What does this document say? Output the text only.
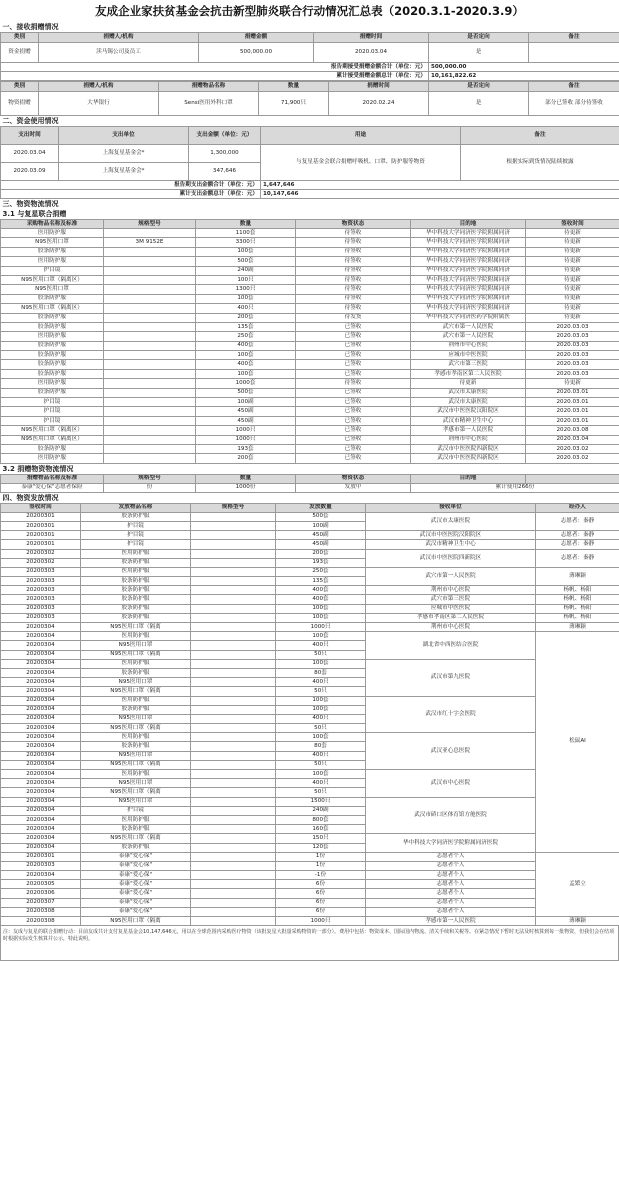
友成企业家扶贫基金会抗击新型肺炎联合行动情况汇总表（2020.3.1-2020.3.9）
一、接收捐赠情况					
类别	捐赠人/机构	捐赠金额	捐赠时间	是否定向	备注
资金捐赠	渎马锡公司及员工	500,000.00	2020.03.04	是	
报告期接受捐赠金额合计（单位：元）				500,000.00	
累计接受捐赠金额总计（单位：元）				10,161,822.62	
类别	捐赠人/机构	捐赠物品名称	数量	捐赠时间	是否定向	备注
物资捐赠	大华银行	Sensi医用外科口罩	71,900只	2020.02.24	是	部分已签收 部分待签收
二、资金使用情况				
支出时间	支出单位	支出金额（单位：元）	用途	备注
2020.03.04	上海复星基金会*	1,300,000	与复星基金会联合捐赠呼吸机、口罩、防护服等物资	根据实际到货情况陆续披露
2020.03.09	上海复星基金会*	347,646		
报告期支出金额合计（单位：元）			1,647,646	
累计支出金额总计（单位：元）			10,147,646	
三、物资物流情况					
3.1 与复星联合捐赠					
采购物品名称及标准	规格型号	数量	物资状态	目的地	签收时间
医用防护服		1100套	待签收	华中科技大学同济医学院附属同济	待更新
N95医用口罩	3M 9152E	3300只	待签收	华中科技大学同济医学院附属同济	待更新
胶条防护服		100套	待签收	华中科技大学同济医学院附属同济	待更新
医用防护服		500套	待签收	华中科技大学同济医学院附属同济	待更新
护目镜		240副	待签收	华中科技大学同济医学院附属同济	待更新
N95医用口罩（隔离区）		100只	待签收	华中科技大学同济医学院附属同济	待更新
N95医用口罩		1300只	待签收	华中科技大学同济医学院附属同济	待更新
胶条防护服		100套	待签收	华中科技大学同济医学院附属同济	待更新
N95医用口罩（隔离区）		400只	待签收	华中科技大学同济医学院附属同济	待更新
胶条防护服		200套	待发货	华中科技大学同济医药学院附属医	待更新
胶条防护服		135套	已签收	武穴市第一人民医院	2020.03.03
医用防护服		250套	已签收	武穴市第一人民医院	2020.03.03
胶条防护服		400套	已签收	荆州市中心医院	2020.03.03
胶条防护服		100套	已签收	应城市中医医院	2020.03.03
胶条防护服		400套	已签收	武穴市第三医院	2020.03.03
胶条防护服		100套	已签收	孝感市孝南区第二人民医院	2020.03.03
医用防护服		1000套	待签收	待更新	待更新
胶条防护服		500套	已签收	武汉市太康医院	2020.03.01
护目镜		100副	已签收	武汉市太康医院	2020.03.01
护目镜		450副	已签收	武汉市中医医院汉阳院区	2020.03.01
护目镜		450副	已签收	武汉市精神卫生中心	2020.03.01
N95医用口罩（隔离区）		1000只	已签收	孝感市第一人民医院	2020.03.08
N95医用口罩（隔离区）		1000只	已签收	荆州市中心医院	2020.03.04
胶条防护服		193套	已签收	武汉市中医医院四新院区	2020.03.02
医用防护服		200套	已签收	武汉市中医医院四新院区	2020.03.02
3.2 捐赠物资物流情况					
捐赠物品名称及标准	规格型号	数量	物资状态	目的地	
泰康"爱心保"志愿者保险	份	1000份	发放中	累计使用266份	
四、物资发放情况					
签收时间	发放物品名称	规格型号	发放数量	接收单位	经办人
20200301	胶条防护服		500套	武汉市太康医院	志愿者：秦静
20200301	护目镜		100副		
20200301	护目镜		450副	武汉市中医医院汉阳院区	志愿者：秦静
20200301	护目镜		450副	武汉市精神卫生中心	志愿者：秦静
20200302	医用防护服		200套	武汉市中医医院四新院区	志愿者：秦静
20200302	胶条防护服		193套		
20200303	医用防护服		250套	武穴市第一人民医院	薄琳颖
20200303	胶条防护服		135套		
20200303	胶条防护服		400套	荆州市中心医院	杨帆、杨阳
20200303	胶条防护服		400套	武穴市第三医院	杨帆、杨阳
20200303	胶条防护服		100套	应城市中医医院	杨帆、杨阳
20200303	胶条防护服		100套	孝感市孝南区第二人民医院	杨帆、杨阳
20200304	N95医用口罩（隔离		1000只	荆州市中心医院	薄琳颖
20200304	医用防护服		100套	湖北省中西医结合医院	松鼠AI
20200304	N95医用口罩		400只		
20200304	N95医用口罩（隔离		50只		
20200304	医用防护服		100套	武汉市第九医院	
20200304	胶条防护服		80套		
20200304	N95医用口罩		400只		
20200304	N95医用口罩（隔离		50只		
20200304	医用防护服		100套	武汉市红十字会医院	
20200304	胶条防护服		100套		
20200304	N95医用口罩		400只		
20200304	N95医用口罩（隔离		50只		
20200304	医用防护服		100套	武汉亚心总医院	
20200304	胶条防护服		80套		
20200304	N95医用口罩		400只		
20200304	N95医用口罩（隔离		50只		
20200304	医用防护服		100套	武汉市中心医院	
20200304	N95医用口罩		400只		
20200304	N95医用口罩（隔离		50只		
20200304	N95医用口罩		1500只	武汉市硚口区体育馆方舱医院	
20200304	护目镜		240副		
20200304	医用防护服		800套		
20200304	胶条防护服		160套		
20200304	N95医用口罩（隔离		150只	华中科技大学同济医学院附属同济医院	
20200304	胶条防护服		120套		
20200301	泰康"爱心保"		1份	志愿者个人	孟繁立
20200303	泰康"爱心保"		1份	志愿者个人	
20200304	泰康"爱心保"		-1份	志愿者个人	
20200305	泰康"爱心保"		6份	志愿者个人	
20200306	泰康"爱心保"		6份	志愿者个人	
20200307	泰康"爱心保"		6份	志愿者个人	
20200308	泰康"爱心保"		6份	志愿者个人	
20200308	N95医用口罩（隔离		1000只	孝感市第一人民医院	薄琳颖
注：友成与复星的联合捐赠行动：目前友成共计支付复星基金会10,147,646元，用以在全球范围内采购医疗物资（该批复星大批量采购物资的一部分）。费用中包括：物资成本、国际国内物流、清关手续和关税等。在紧急情况下暂时无法及时核算到每一批物资，但我们会在结项时根据实际发生核算并公示，特此说明。
